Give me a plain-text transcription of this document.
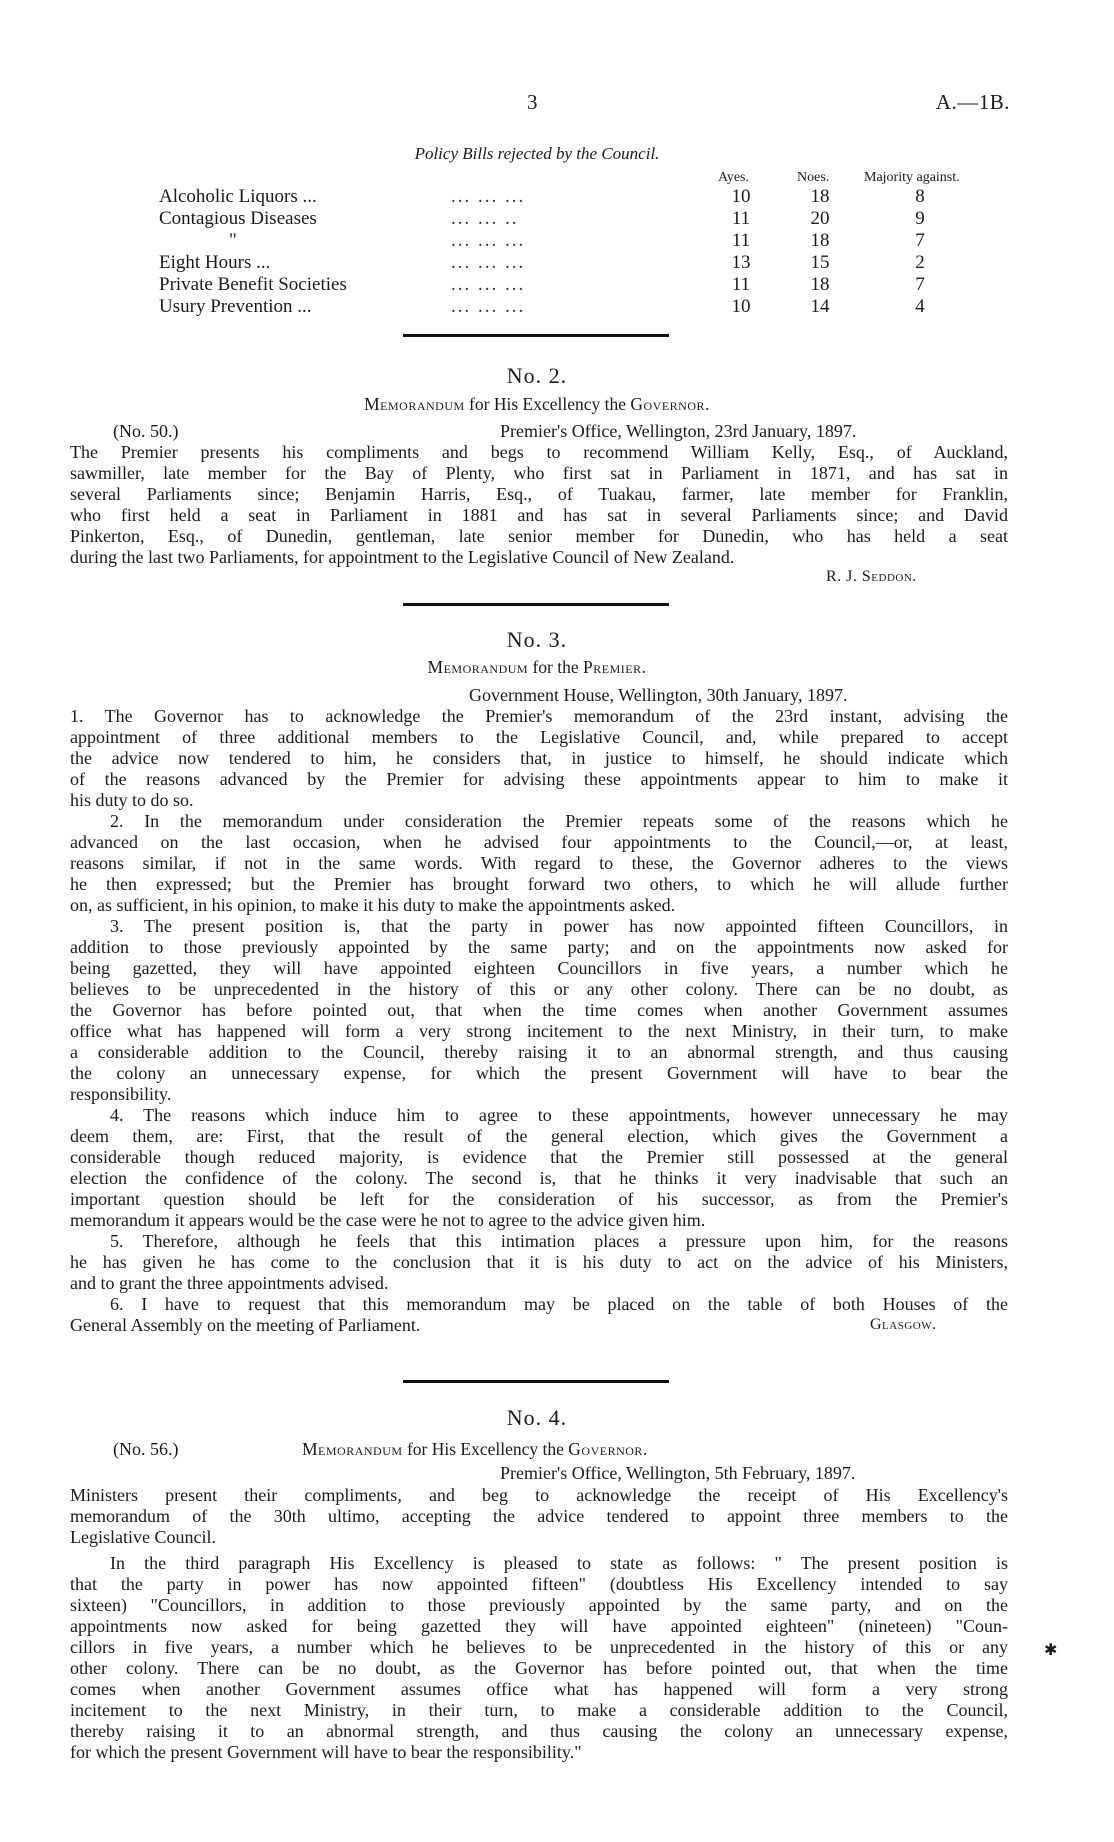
3	A.—1B.
Policy Bills rejected by the Council.
Ayes.	Noes. Majority against.
Alcoholic Liquors ...	... ... ...	10	18	8
Contagious Diseases	... ... ..	11	20	9
"	... ... ...	11	18	7
Eight Hours ...	... ... ...	13	15	2
Private Benefit Societies	... ... ...	11	18	7
Usury Prevention ...	... ... ...	10	14	4
No. 2.
Memorandum for His Excellency the Governor.
(No. 50.)	Premier's Office, Wellington, 23rd January, 1897.
The Premier presents his compliments and begs to recommend William Kelly, Esq., of Auckland,
sawmiller, late member for the Bay of Plenty, who first sat in Parliament in 1871, and has sat in
several Parliaments since; Benjamin Harris, Esq., of Tuakau, farmer, late member for Franklin,
who first held a seat in Parliament in 1881 and has sat in several Parliaments since; and David
Pinkerton, Esq., of Dunedin, gentleman, late senior member for Dunedin, who has held a seat
during the last two Parliaments, for appointment to the Legislative Council of New Zealand.
R. J. Seddon.
No. 3.
Memorandum for the Premier.
Government House, Wellington, 30th January, 1897.
1. The Governor has to acknowledge the Premier's memorandum of the 23rd instant, advising the
appointment of three additional members to the Legislative Council, and, while prepared to accept
the advice now tendered to him, he considers that, in justice to himself, he should indicate which
of the reasons advanced by the Premier for advising these appointments appear to him to make it
his duty to do so.
2. In the memorandum under consideration the Premier repeats some of the reasons which he
advanced on the last occasion, when he advised four appointments to the Council,—or, at least,
reasons similar, if not in the same words. With regard to these, the Governor adheres to the views
he then expressed; but the Premier has brought forward two others, to which he will allude further
on, as sufficient, in his opinion, to make it his duty to make the appointments asked.
3. The present position is, that the party in power has now appointed fifteen Councillors, in
addition to those previously appointed by the same party; and on the appointments now asked for
being gazetted, they will have appointed eighteen Councillors in five years, a number which he
believes to be unprecedented in the history of this or any other colony. There can be no doubt, as
the Governor has before pointed out, that when the time comes when another Government assumes
office what has happened will form a very strong incitement to the next Ministry, in their turn, to make
a considerable addition to the Council, thereby raising it to an abnormal strength, and thus causing
the colony an unnecessary expense, for which the present Government will have to bear the
responsibility.
4. The reasons which induce him to agree to these appointments, however unnecessary he may
deem them, are: First, that the result of the general election, which gives the Government a
considerable though reduced majority, is evidence that the Premier still possessed at the general
election the confidence of the colony. The second is, that he thinks it very inadvisable that such an
important question should be left for the consideration of his successor, as from the Premier's
memorandum it appears would be the case were he not to agree to the advice given him.
5. Therefore, although he feels that this intimation places a pressure upon him, for the reasons
he has given he has come to the conclusion that it is his duty to act on the advice of his Ministers,
and to grant the three appointments advised.
6. I have to request that this memorandum may be placed on the table of both Houses of the
General Assembly on the meeting of Parliament.	Glasgow.
No. 4.
(No. 56.)	Memorandum for His Excellency the Governor.
Premier's Office, Wellington, 5th February, 1897.
Ministers present their compliments, and beg to acknowledge the receipt of His Excellency's
memorandum of the 30th ultimo, accepting the advice tendered to appoint three members to the
Legislative Council.
In the third paragraph His Excellency is pleased to state as follows: " The present position is
that the party in power has now appointed fifteen" (doubtless His Excellency intended to say
sixteen) "Councillors, in addition to those previously appointed by the same party, and on the
appointments now asked for being gazetted they will have appointed eighteen" (nineteen) "Coun-
cillors in five years, a number which he believes to be unprecedented in the history of this or any
other colony. There can be no doubt, as the Governor has before pointed out, that when the time
comes when another Government assumes office what has happened will form a very strong
incitement to the next Ministry, in their turn, to make a considerable addition to the Council,
thereby raising it to an abnormal strength, and thus causing the colony an unnecessary expense,
for which the present Government will have to bear the responsibility."
✱
